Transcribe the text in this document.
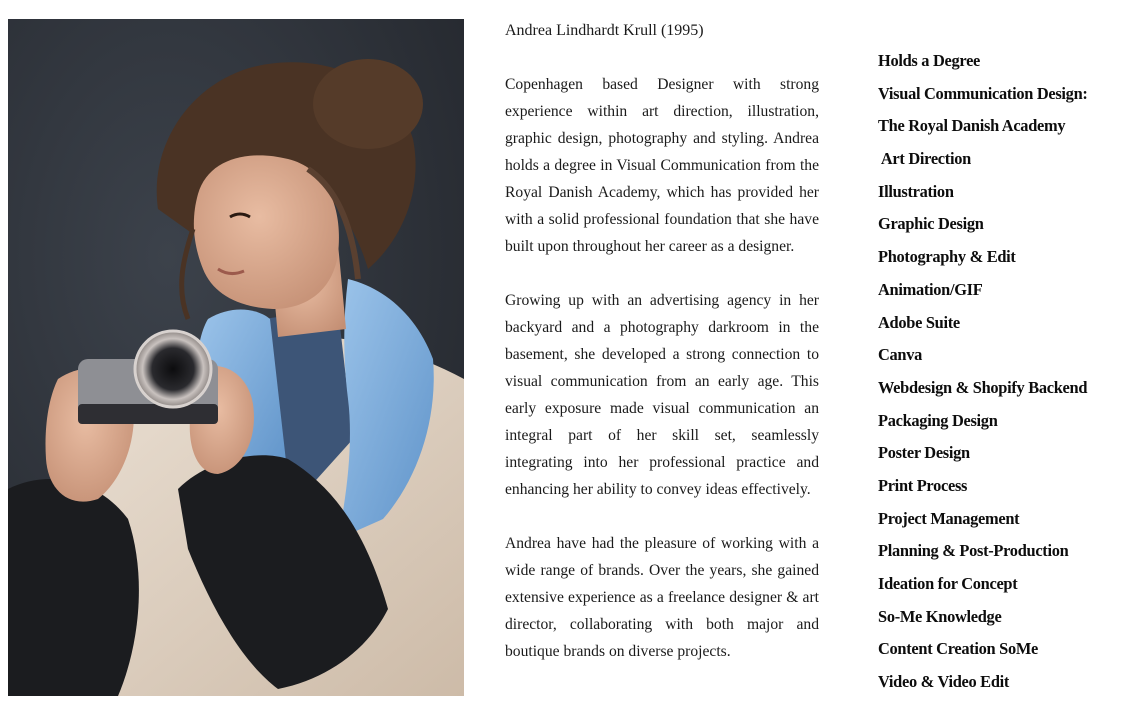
Andrea Lindhardt Krull (1995)

Copenhagen based Designer with strong experience within art direction, illustration, graphic design, photography and styling. Andrea holds a degree in Visual Communication from the Royal Danish Academy, which has provided her with a solid professional foundation that she have built upon throughout her career as a designer.

Growing up with an advertising agency in her backyard and a photography darkroom in the basement, she developed a strong connection to visual communication from an early age. This early exposure made visual communication an integral part of her skill set, seamlessly integrating into her professional practice and enhancing her ability to convey ideas effectively.

Andrea have had the pleasure of working with a wide range of brands. Over the years, she gained extensive experience as a freelance designer & art director, collaborating with both major and boutique brands on diverse projects.

Holds a Degree
Visual Communication Design:
The Royal Danish Academy
Art Direction
Illustration
Graphic Design
Photography & Edit
Animation/GIF
Adobe Suite
Canva
Webdesign & Shopify Backend
Packaging Design
Poster Design
Print Process
Project Management
Planning & Post-Production
Ideation for Concept
So-Me Knowledge
Content Creation SoMe
Video & Video Edit
